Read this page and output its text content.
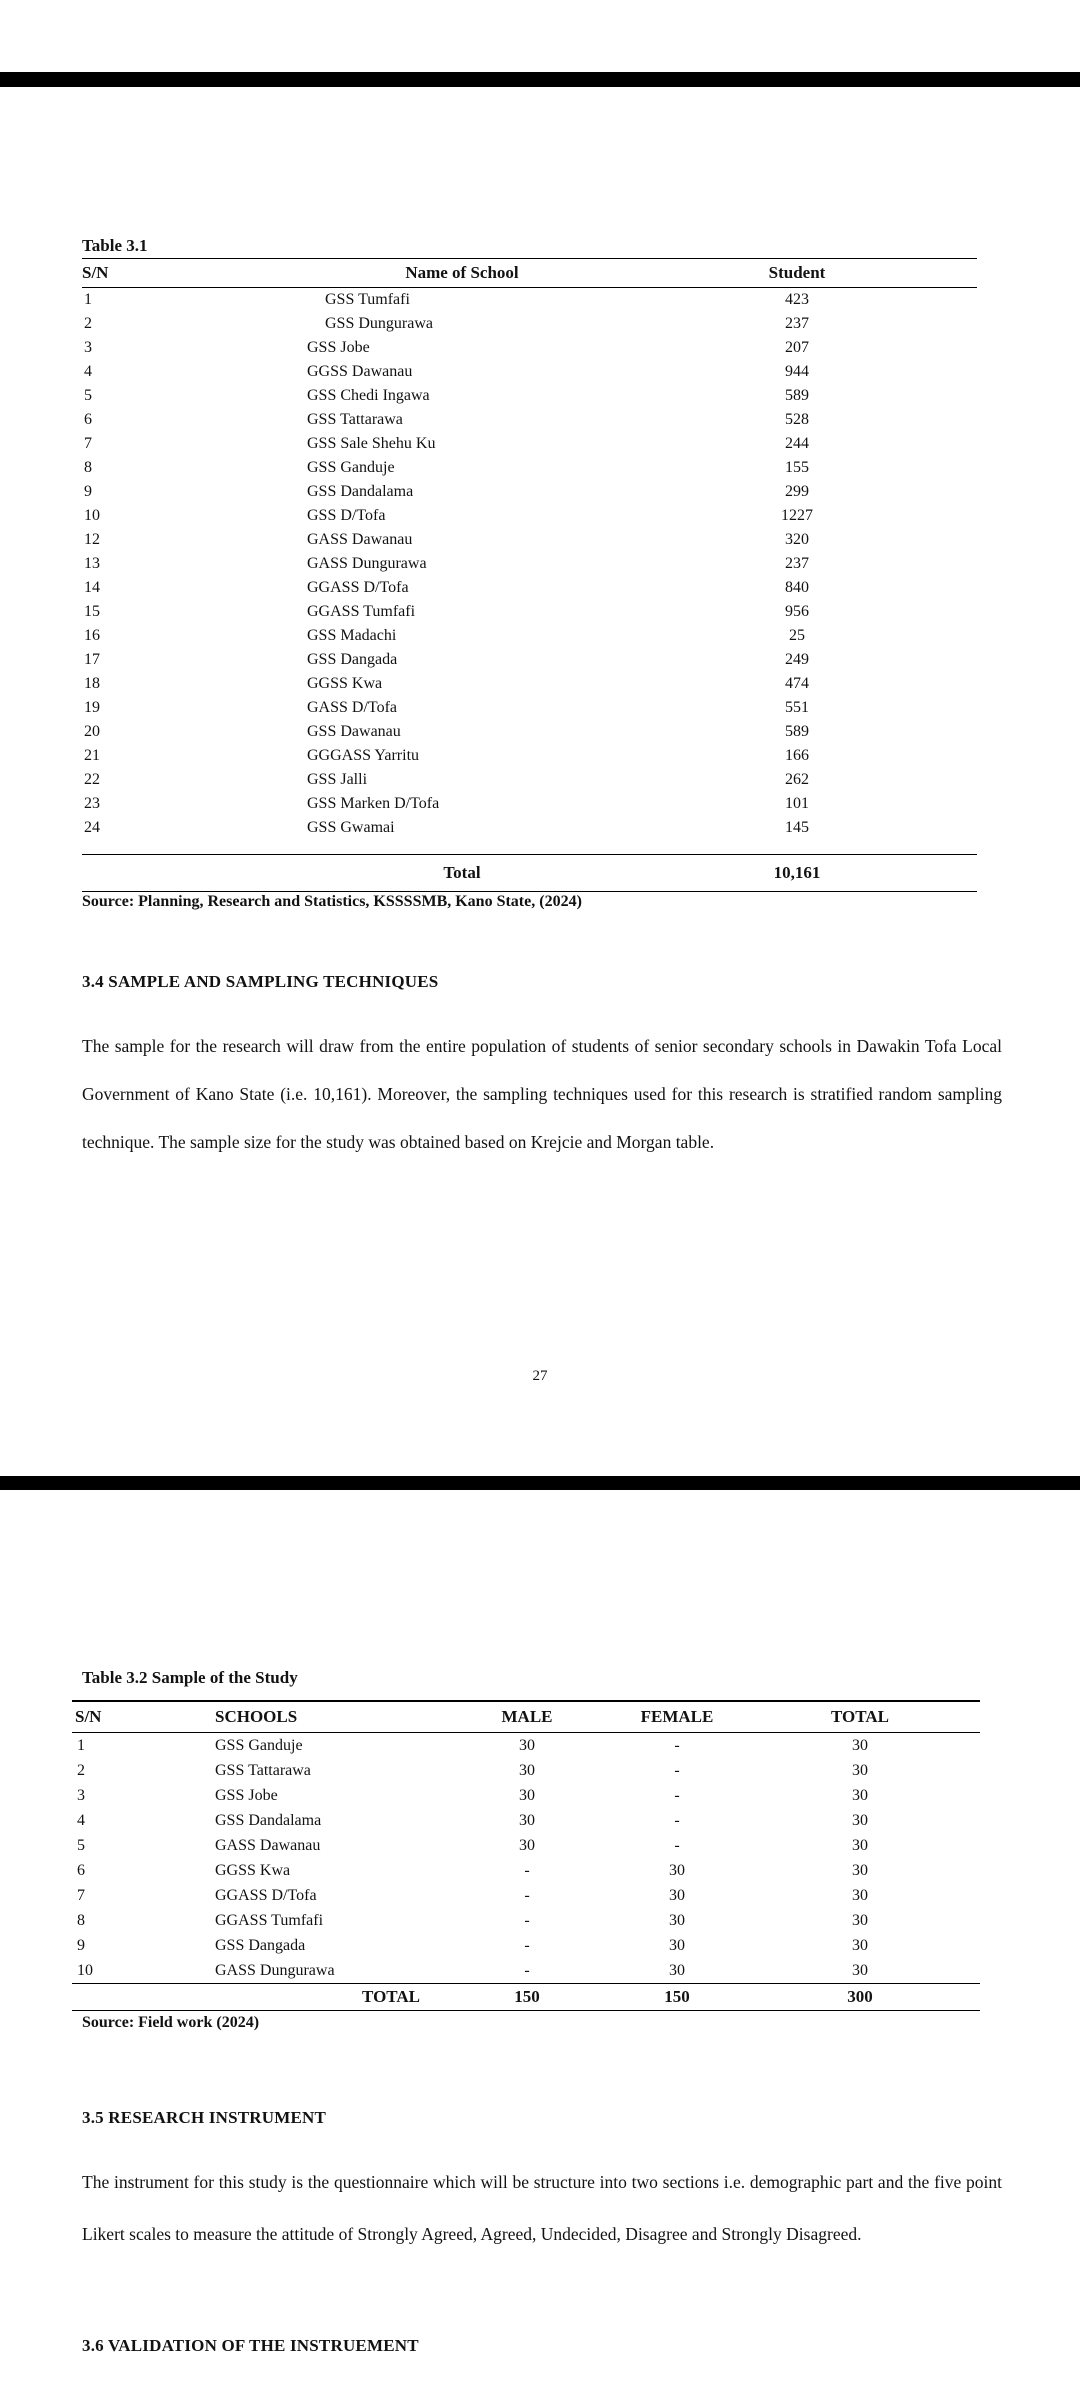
Table 3.1
S/N	Name of School	Student
1	GSS Tumfafi	423
2	GSS Dungurawa	237
3	GSS Jobe	207
4	GGSS Dawanau	944
5	GSS Chedi Ingawa	589
6	GSS Tattarawa	528
7	GSS Sale Shehu Ku	244
8	GSS Ganduje	155
9	GSS Dandalama	299
10	GSS D/Tofa	1227
12	GASS Dawanau	320
13	GASS Dungurawa	237
14	GGASS D/Tofa	840
15	GGASS Tumfafi	956
16	GSS Madachi	25
17	GSS Dangada	249
18	GGSS Kwa	474
19	GASS D/Tofa	551
20	GSS Dawanau	589
21	GGGASS Yarritu	166
22	GSS Jalli	262
23	GSS Marken D/Tofa	101
24	GSS Gwamai	145
	Total	10,161
Source: Planning, Research and Statistics, KSSSSMB, Kano State, (2024)
3.4 SAMPLE AND SAMPLING TECHNIQUES
The sample for the research will draw from the entire population of students of senior secondary schools in Dawakin Tofa Local Government of Kano State (i.e. 10,161). Moreover, the sampling techniques used for this research is stratified random sampling technique. The sample size for the study was obtained based on Krejcie and Morgan table.
27
Table 3.2 Sample of the Study
S/N	SCHOOLS	MALE	FEMALE	TOTAL
1	GSS Ganduje	30	-	30
2	GSS Tattarawa	30	-	30
3	GSS Jobe	30	-	30
4	GSS Dandalama	30	-	30
5	GASS Dawanau	30	-	30
6	GGSS Kwa	-	30	30
7	GGASS D/Tofa	-	30	30
8	GGASS Tumfafi	-	30	30
9	GSS Dangada	-	30	30
10	GASS Dungurawa	-	30	30
	TOTAL	150	150	300
Source: Field work (2024)
3.5 RESEARCH INSTRUMENT
The instrument for this study is the questionnaire which will be structure into two sections i.e. demographic part and the five point Likert scales to measure the attitude of Strongly Agreed, Agreed, Undecided, Disagree and Strongly Disagreed.
3.6 VALIDATION OF THE INSTRUEMENT
